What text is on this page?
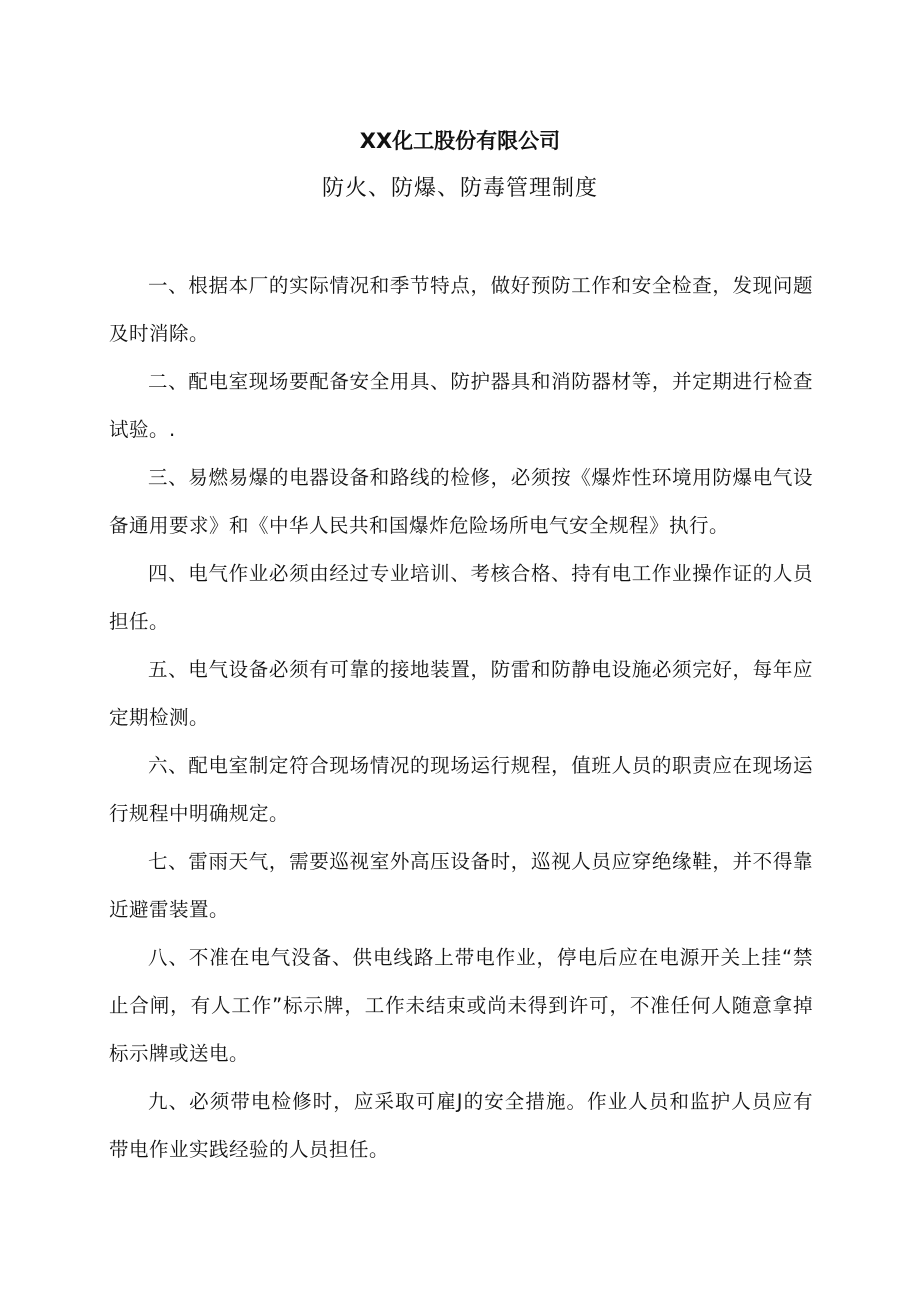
XX化工股份有限公司
防火、防爆、防毒管理制度

一、根据本厂的实际情况和季节特点，做好预防工作和安全检查，发现问题及时消除。

二、配电室现场要配备安全用具、防护器具和消防器材等，并定期进行检查试验。.

三、易燃易爆的电器设备和路线的检修，必须按《爆炸性环境用防爆电气设备通用要求》和《中华人民共和国爆炸危险场所电气安全规程》执行。

四、电气作业必须由经过专业培训、考核合格、持有电工作业操作证的人员担任。

五、电气设备必须有可靠的接地装置，防雷和防静电设施必须完好，每年应定期检测。

六、配电室制定符合现场情况的现场运行规程，值班人员的职责应在现场运行规程中明确规定。

七、雷雨天气，需要巡视室外高压设备时，巡视人员应穿绝缘鞋，并不得靠近避雷装置。

八、不准在电气没备、供电线路上带电作业，停电后应在电源开关上挂“禁止合闸，有人工作”标示牌，工作未结束或尚未得到许可，不准任何人随意拿掉标示牌或送电。

九、必须带电检修时，应采取可雇J的安全措施。作业人员和监护人员应有带电作业实践经验的人员担任。
